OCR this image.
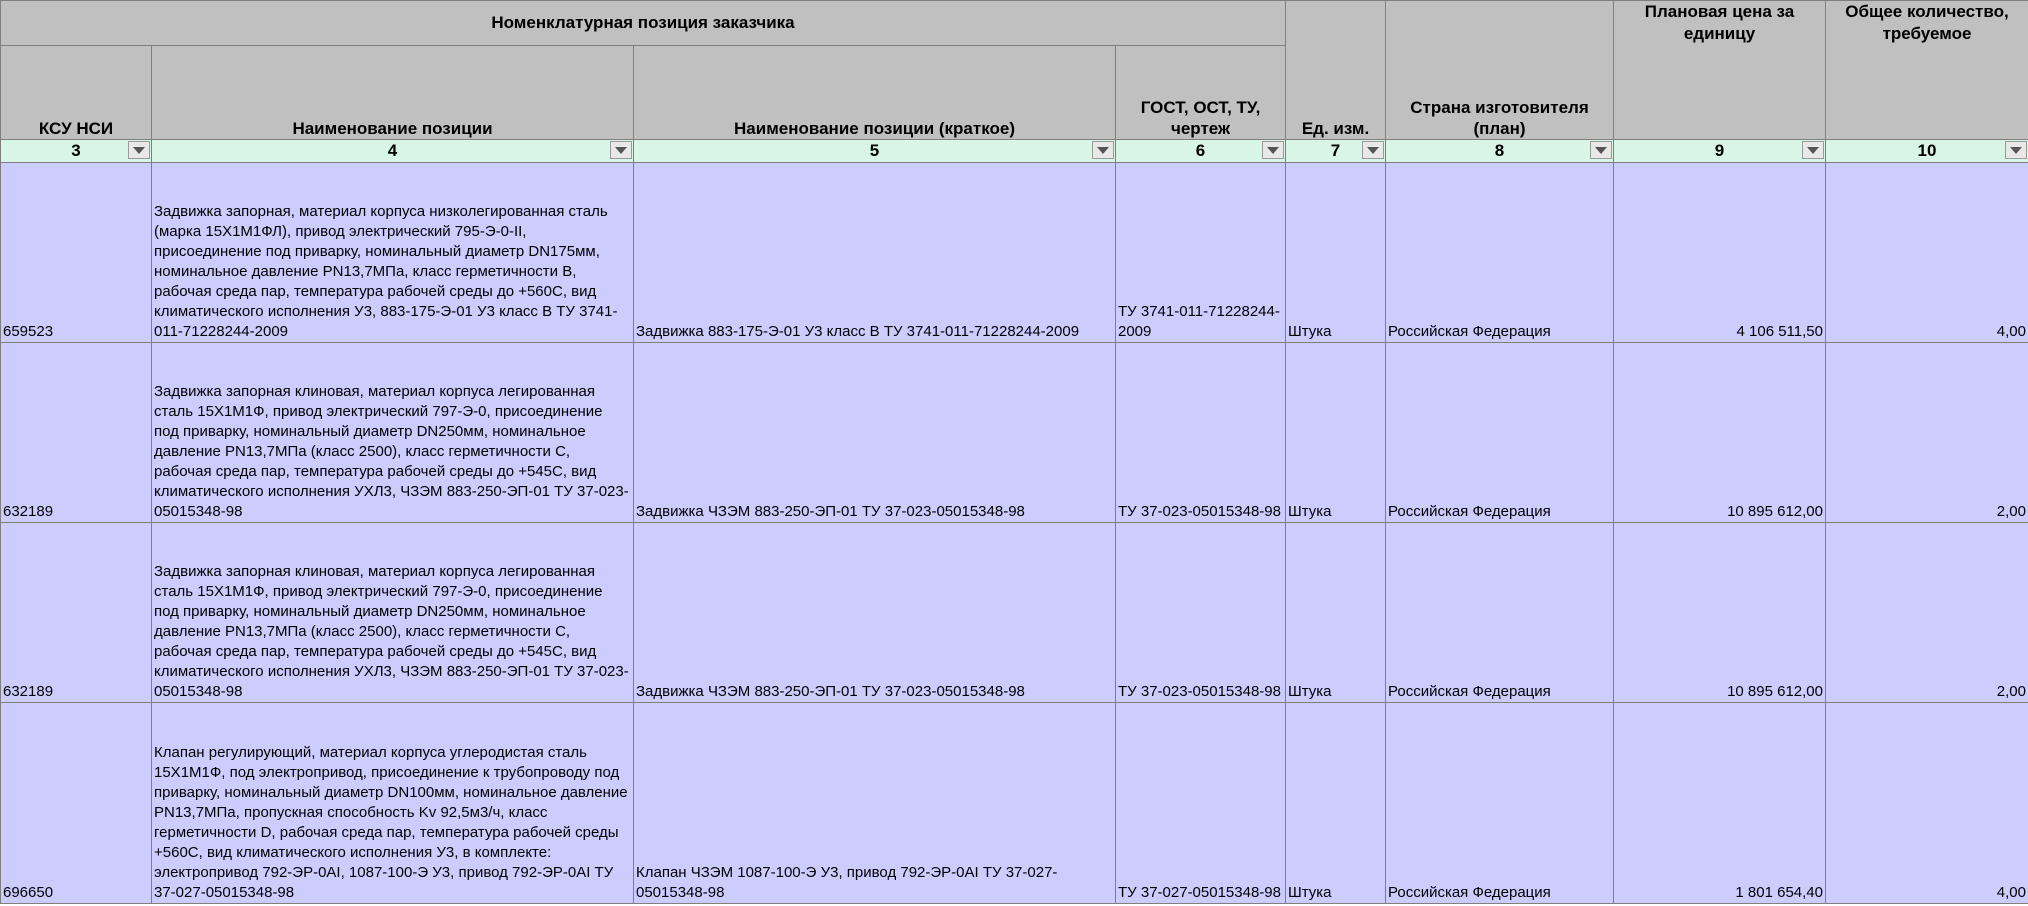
Номенклатурная позиция заказчика				Ед. изм.	Страна изготовителя (план)	Плановая цена за единицу	Общее количество, требуемое
КСУ НСИ	Наименование позиции	Наименование позиции (краткое)	ГОСТ, ОСТ, ТУ, чертеж				
3	4	5	6	7	8	9	10

659523	Задвижка запорная, материал корпуса низколегированная сталь (марка 15Х1М1ФЛ), привод электрический 795-Э-0-II, присоединение под приварку, номинальный диаметр DN175мм, номинальное давление PN13,7МПа, класс герметичности B, рабочая среда пар, температура рабочей среды до +560С, вид климатического исполнения У3, 883-175-Э-01 У3 класс В ТУ 3741-011-71228244-2009	Задвижка 883-175-Э-01 У3 класс В ТУ 3741-011-71228244-2009	ТУ 3741-011-71228244-2009	Штука	Российская Федерация	4 106 511,50	4,00
632189	Задвижка запорная клиновая, материал корпуса легированная сталь 15Х1М1Ф, привод электрический 797-Э-0, присоединение под приварку, номинальный диаметр DN250мм, номинальное давление PN13,7МПа (класс 2500), класс герметичности C, рабочая среда пар, температура рабочей среды до +545С, вид климатического исполнения УХЛ3, ЧЗЭМ 883-250-ЭП-01 ТУ 37-023-05015348-98	Задвижка ЧЗЭМ 883-250-ЭП-01 ТУ 37-023-05015348-98	ТУ 37-023-05015348-98	Штука	Российская Федерация	10 895 612,00	2,00
632189	Задвижка запорная клиновая, материал корпуса легированная сталь 15Х1М1Ф, привод электрический 797-Э-0, присоединение под приварку, номинальный диаметр DN250мм, номинальное давление PN13,7МПа (класс 2500), класс герметичности C, рабочая среда пар, температура рабочей среды до +545С, вид климатического исполнения УХЛ3, ЧЗЭМ 883-250-ЭП-01 ТУ 37-023-05015348-98	Задвижка ЧЗЭМ 883-250-ЭП-01 ТУ 37-023-05015348-98	ТУ 37-023-05015348-98	Штука	Российская Федерация	10 895 612,00	2,00
696650	Клапан регулирующий, материал корпуса углеродистая сталь 15Х1М1Ф, под электропривод, присоединение к трубопроводу под приварку, номинальный диаметр DN100мм, номинальное давление PN13,7МПа, пропускная способность Kv 92,5м3/ч, класс герметичности D, рабочая среда пар, температура рабочей среды +560С, вид климатического исполнения У3, в комплекте: электропривод 792-ЭР-0АI, 1087-100-Э У3, привод 792-ЭР-0АI ТУ 37-027-05015348-98	Клапан ЧЗЭМ 1087-100-Э У3, привод 792-ЭР-0АI ТУ 37-027-05015348-98	ТУ 37-027-05015348-98	Штука	Российская Федерация	1 801 654,40	4,00
